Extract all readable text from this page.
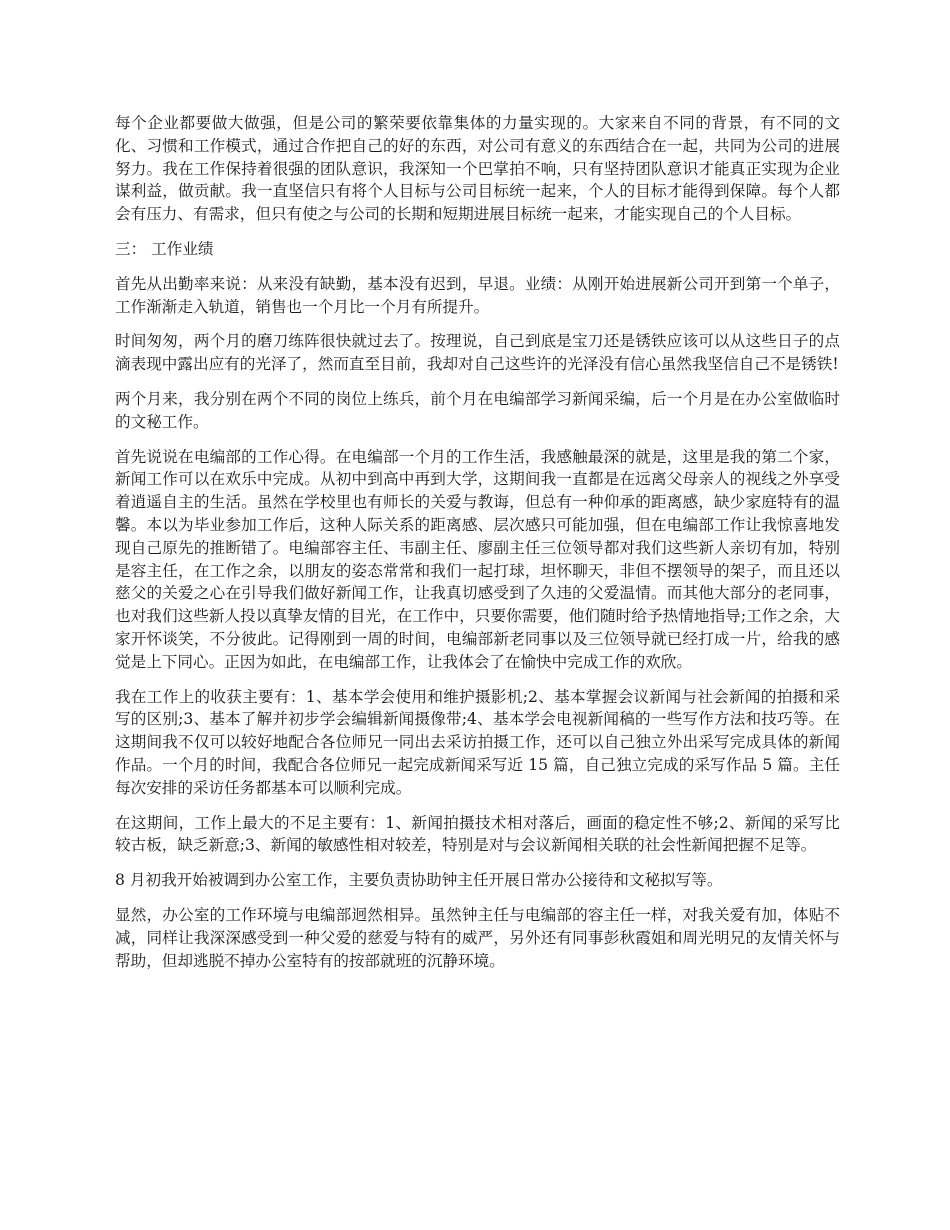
每个企业都要做大做强，但是公司的繁荣要依靠集体的力量实现的。大家来自不同的背景，有不同的文化、习惯和工作模式，通过合作把自己的好的东西，对公司有意义的东西结合在一起，共同为公司的进展努力。我在工作保持着很强的团队意识，我深知一个巴掌拍不响，只有坚持团队意识才能真正实现为企业谋利益，做贡献。我一直坚信只有将个人目标与公司目标统一起来，个人的目标才能得到保障。每个人都会有压力、有需求，但只有使之与公司的长期和短期进展目标统一起来，才能实现自己的个人目标。

三： 工作业绩

首先从出勤率来说：从来没有缺勤，基本没有迟到，早退。业绩：从刚开始进展新公司开到第一个单子，工作渐渐走入轨道，销售也一个月比一个月有所提升。

时间匆匆，两个月的磨刀练阵很快就过去了。按理说，自己到底是宝刀还是锈铁应该可以从这些日子的点滴表现中露出应有的光泽了，然而直至目前，我却对自己这些许的光泽没有信心虽然我坚信自己不是锈铁!

两个月来，我分别在两个不同的岗位上练兵，前个月在电编部学习新闻采编，后一个月是在办公室做临时的文秘工作。

首先说说在电编部的工作心得。在电编部一个月的工作生活，我感触最深的就是，这里是我的第二个家，新闻工作可以在欢乐中完成。从初中到高中再到大学，这期间我一直都是在远离父母亲人的视线之外享受着逍遥自主的生活。虽然在学校里也有师长的关爱与教诲，但总有一种仰承的距离感，缺少家庭特有的温馨。本以为毕业参加工作后，这种人际关系的距离感、层次感只可能加强，但在电编部工作让我惊喜地发现自己原先的推断错了。电编部容主任、韦副主任、廖副主任三位领导都对我们这些新人亲切有加，特别是容主任，在工作之余，以朋友的姿态常常和我们一起打球，坦怀聊天，非但不摆领导的架子，而且还以慈父的关爱之心在引导我们做好新闻工作，让我真切感受到了久违的父爱温情。而其他大部分的老同事，也对我们这些新人投以真挚友情的目光，在工作中，只要你需要，他们随时给予热情地指导;工作之余，大家开怀谈笑，不分彼此。记得刚到一周的时间，电编部新老同事以及三位领导就已经打成一片，给我的感觉是上下同心。正因为如此，在电编部工作，让我体会了在愉快中完成工作的欢欣。

我在工作上的收获主要有：1、基本学会使用和维护摄影机;2、基本掌握会议新闻与社会新闻的拍摄和采写的区别;3、基本了解并初步学会编辑新闻摄像带;4、基本学会电视新闻稿的一些写作方法和技巧等。在这期间我不仅可以较好地配合各位师兄一同出去采访拍摄工作，还可以自己独立外出采写完成具体的新闻作品。一个月的时间，我配合各位师兄一起完成新闻采写近 15 篇，自己独立完成的采写作品 5 篇。主任每次安排的采访任务都基本可以顺利完成。

在这期间，工作上最大的不足主要有：1、新闻拍摄技术相对落后，画面的稳定性不够;2、新闻的采写比较古板，缺乏新意;3、新闻的敏感性相对较差，特别是对与会议新闻相关联的社会性新闻把握不足等。

8 月初我开始被调到办公室工作，主要负责协助钟主任开展日常办公接待和文秘拟写等。

显然，办公室的工作环境与电编部迥然相异。虽然钟主任与电编部的容主任一样，对我关爱有加，体贴不减，同样让我深深感受到一种父爱的慈爱与特有的威严，另外还有同事彭秋霞姐和周光明兄的友情关怀与帮助，但却逃脱不掉办公室特有的按部就班的沉静环境。
